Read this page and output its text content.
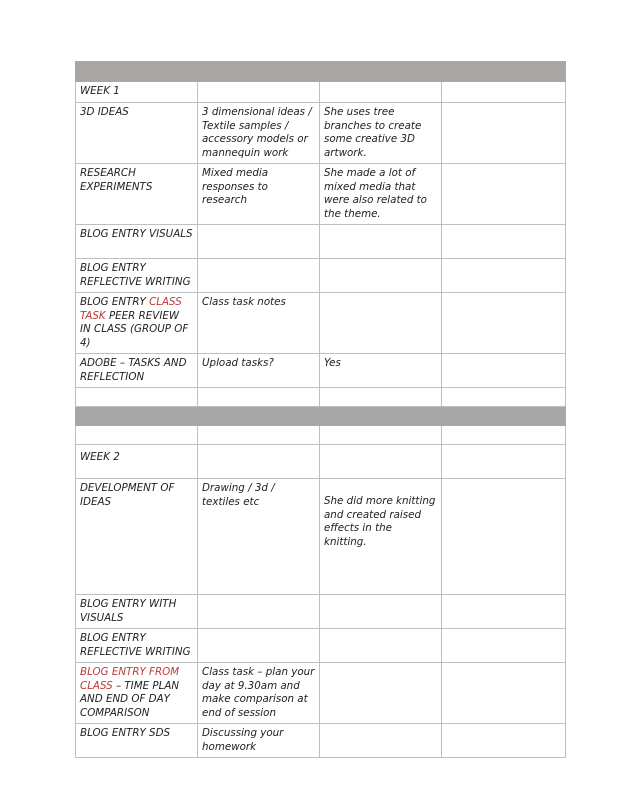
WEEK 1			
3D IDEAS	3 dimensional ideas / Textile samples / accessory models or mannequin work	She uses tree branches to create some creative 3D artwork.	
RESEARCH EXPERIMENTS	Mixed media responses to research	She made a lot of mixed media that were also related to the theme.	
BLOG ENTRY VISUALS			
BLOG ENTRY REFLECTIVE WRITING			
BLOG ENTRY CLASS TASK PEER REVIEW IN CLASS (GROUP OF 4)	Class task notes		
ADOBE – TASKS AND REFLECTION	Upload tasks?	Yes	

WEEK 2			
DEVELOPMENT OF IDEAS	Drawing / 3d / textiles etc	She did more knitting and created raised effects in the knitting.	
BLOG ENTRY WITH VISUALS			
BLOG ENTRY REFLECTIVE WRITING			
BLOG ENTRY FROM CLASS – TIME PLAN AND END OF DAY COMPARISON	Class task – plan your day at 9.30am and make comparison at end of session		
BLOG ENTRY SDS	Discussing your homework		
